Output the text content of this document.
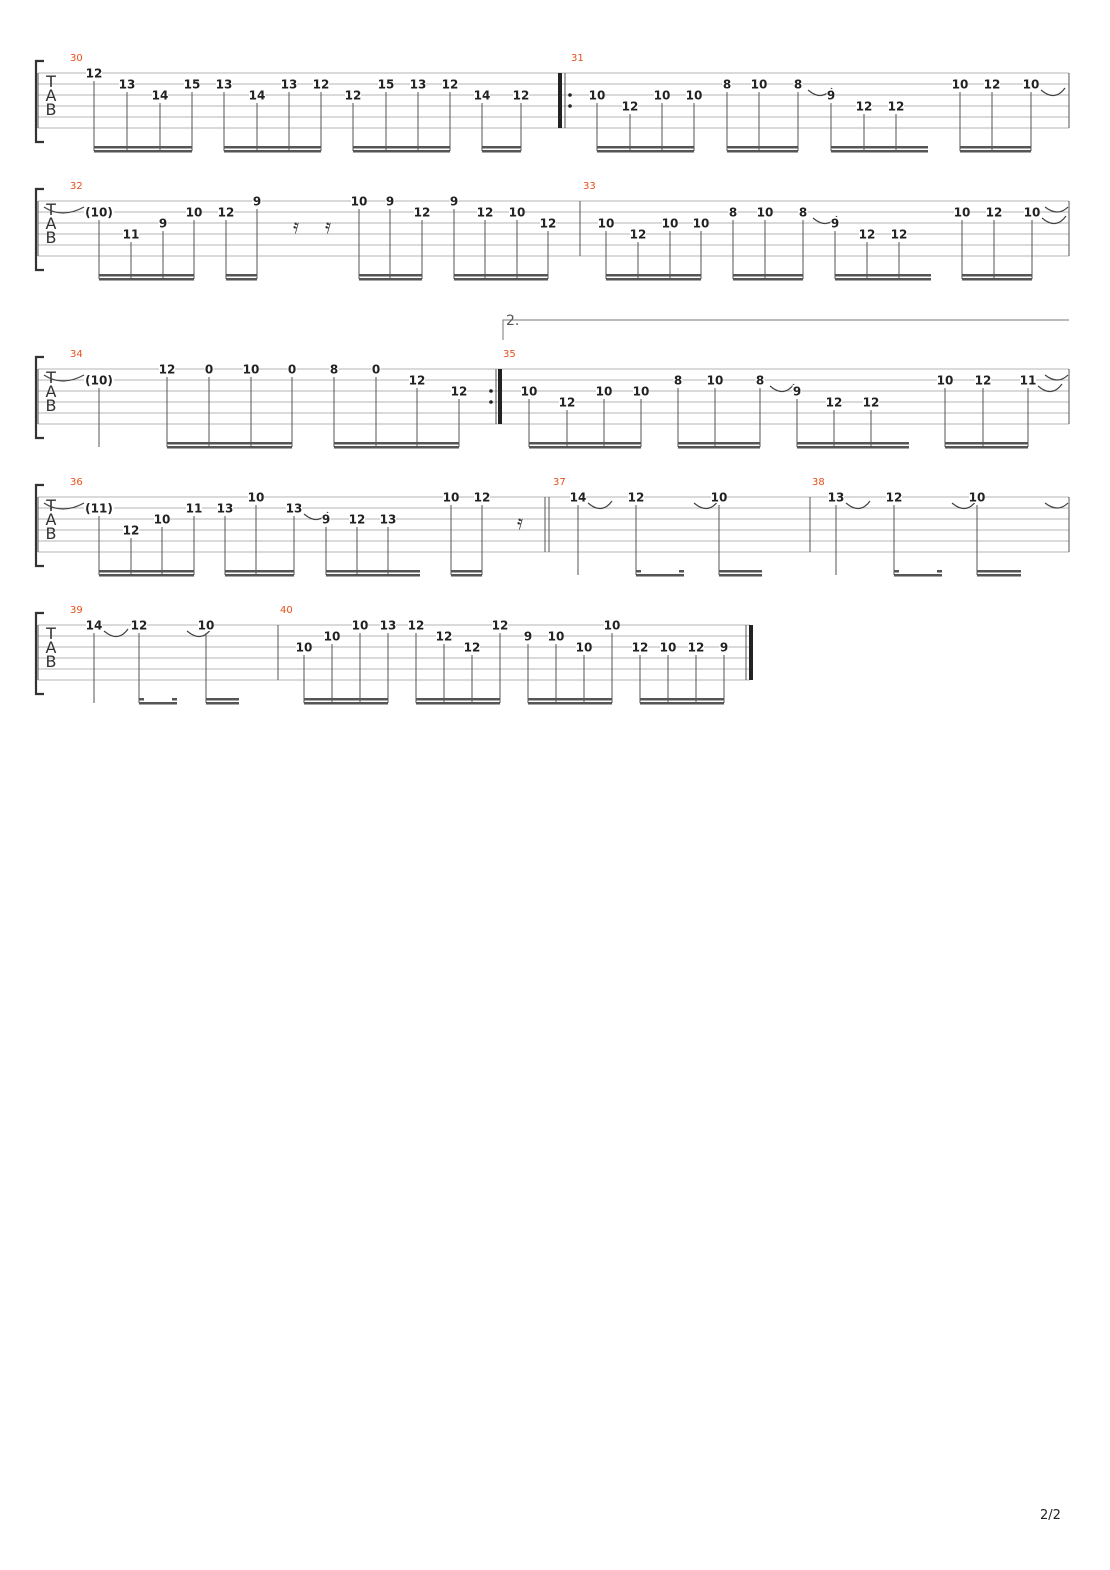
T
A
B
30
12
13
14
15 13
14
13 12
12
15 13 12
14 12
31
10
12
10 10
8 10 8
9
12 12
10 12 10
T
A
B
32
𝄿 𝄿
(10)
11
9
10 12
9	10 9
12
9
12 10
12
33
10
12
10 10
8 10 8
9
12 12
10 12 10
T
A
B
2.
34
(10)
12 0 10 0	8	0
12
12
35
10
12
10 10
8 10	8
9
12 12
10 12 11
T
A
B
36
𝄿
(11)
12
10
11 13
10
13
9 12 13
10 12
37
14	12	10
38
13	12	10
T
A
B
39
14 12	10
40
10
10
10 13 12
12
12
12
9 10
10
10
12 10 12 9
2/2
